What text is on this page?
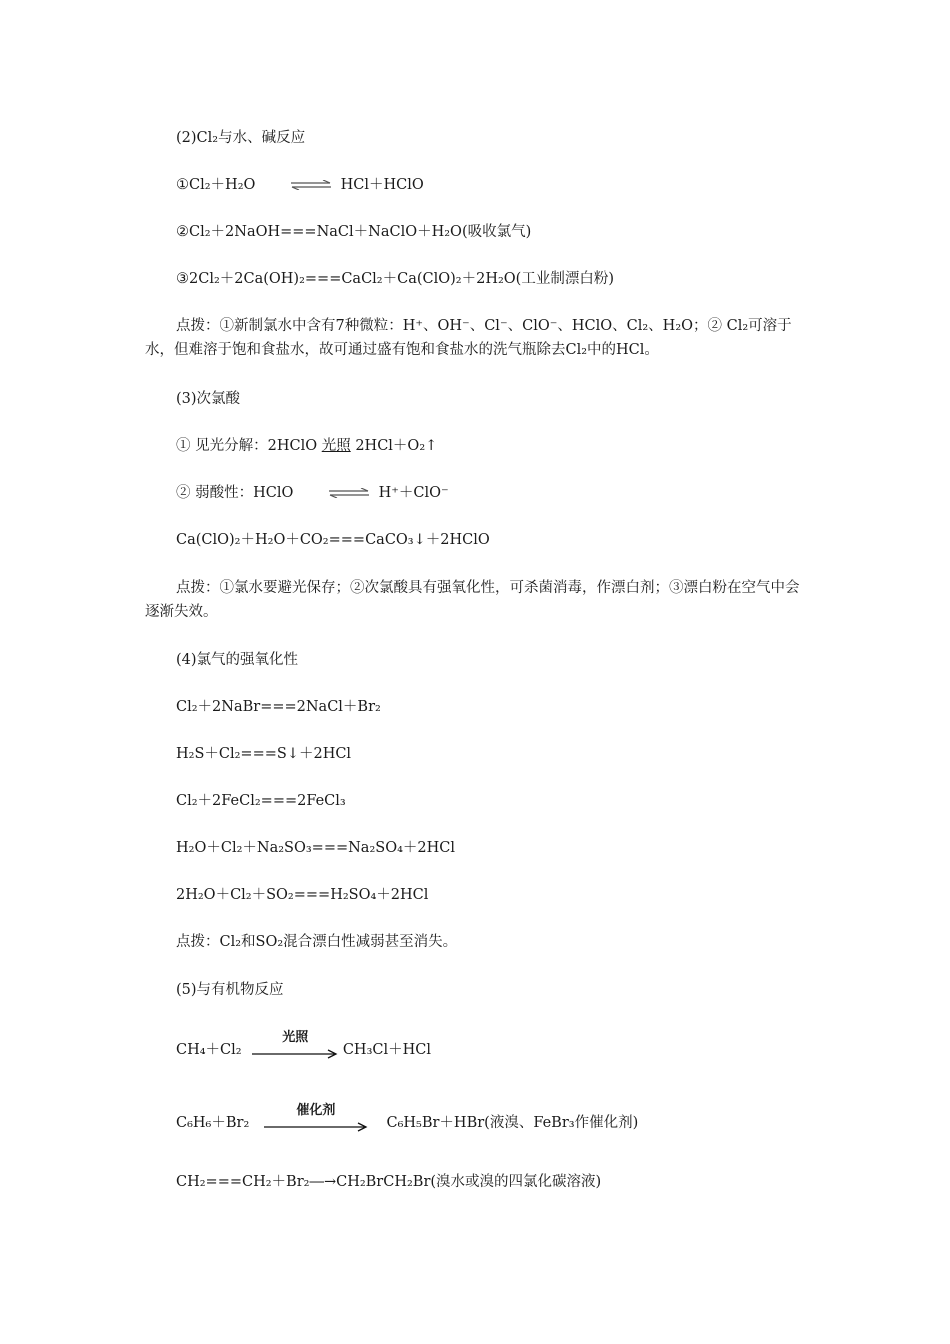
(2)Cl₂与水、碱反应
①Cl₂＋H₂O ⇌ HCl＋HClO
②Cl₂＋2NaOH===NaCl＋NaClO＋H₂O(吸收氯气)
③2Cl₂＋2Ca(OH)₂===CaCl₂＋Ca(ClO)₂＋2H₂O(工业制漂白粉)
点拨：①新制氯水中含有7种微粒：H⁺、OH⁻、Cl⁻、ClO⁻、HClO、Cl₂、H₂O；② Cl₂可溶于水，但难溶于饱和食盐水，故可通过盛有饱和食盐水的洗气瓶除去Cl₂中的HCl。
(3)次氯酸
① 见光分解：2HClO 光照 2HCl＋O₂↑
② 弱酸性：HClO ⇌ H⁺＋ClO⁻
Ca(ClO)₂＋H₂O＋CO₂===CaCO₃↓＋2HClO
点拨：①氯水要避光保存；②次氯酸具有强氧化性，可杀菌消毒，作漂白剂；③漂白粉在空气中会逐渐失效。
(4)氯气的强氧化性
Cl₂＋2NaBr===2NaCl＋Br₂
H₂S＋Cl₂===S↓＋2HCl
Cl₂＋2FeCl₂===2FeCl₃
H₂O＋Cl₂＋Na₂SO₃===Na₂SO₄＋2HCl
2H₂O＋Cl₂＋SO₂===H₂SO₄＋2HCl
点拨：Cl₂和SO₂混合漂白性减弱甚至消失。
(5)与有机物反应
CH₄＋Cl₂
光照
CH₃Cl＋HCl
C₆H₆＋Br₂
催化剂
C₆H₅Br＋HBr(液溴、FeBr₃作催化剂)
CH₂===CH₂＋Br₂―→CH₂BrCH₂Br(溴水或溴的四氯化碳溶液)
